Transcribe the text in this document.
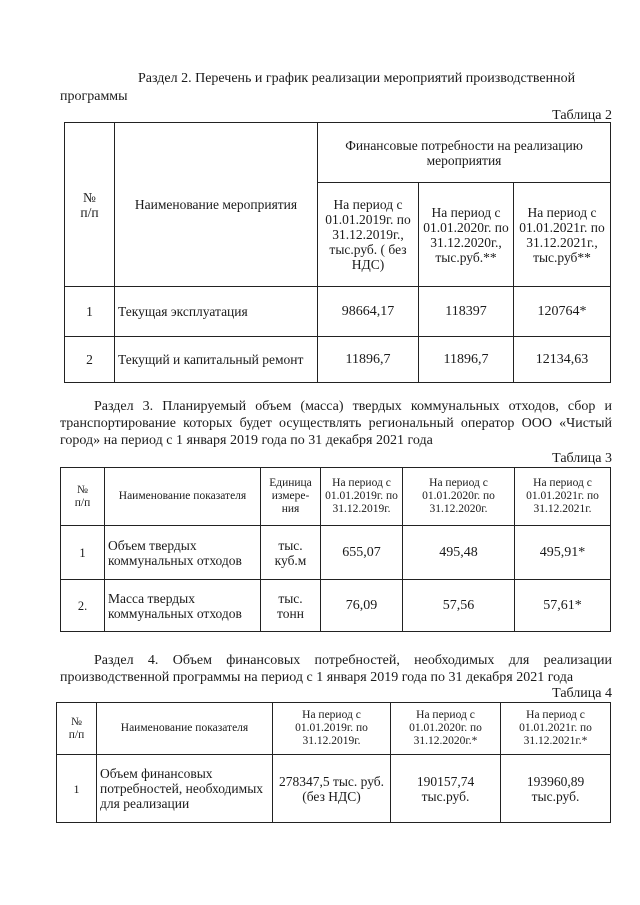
Раздел 2. Перечень и график реализации мероприятий производственной

программы

Таблица 2

№
п/п	Наименование мероприятия	Финансовые потребности на реализацию мероприятия		
		На период с 01.01.2019г. по 31.12.2019г., тыс.руб. ( без НДС)	На период с 01.01.2020г. по 31.12.2020г., тыс.руб.**	На период с 01.01.2021г. по 31.12.2021г., тыс.руб**
1	Текущая эксплуатация	98664,17	118397	120764*
2	Текущий и капитальный ремонт	11896,7	11896,7	12134,63

Раздел 3. Планируемый объем (масса) твердых коммунальных отходов, сбор и транспортирование которых будет осуществлять региональный оператор ООО «Чистый город» на период с 1 января 2019 года по 31 декабря 2021 года

Таблица 3

№
п/п	Наименование показателя	Единица измере-ния	На период с 01.01.2019г. по 31.12.2019г.	На период с 01.01.2020г. по 31.12.2020г.	На период с 01.01.2021г. по 31.12.2021г.
1	Объем твердых коммунальных отходов	тыс. куб.м	655,07	495,48	495,91*
2.	Масса твердых коммунальных отходов	тыс. тонн	76,09	57,56	57,61*

Раздел 4. Объем финансовых потребностей, необходимых для реализации производственной программы на период с 1 января 2019 года по 31 декабря 2021 года

Таблица 4

№
п/п	Наименование показателя	На период с 01.01.2019г. по 31.12.2019г.	На период с 01.01.2020г. по 31.12.2020г.*	На период с 01.01.2021г. по 31.12.2021г.*
1	Объем финансовых потребностей, необходимых для реализации	278347,5 тыс. руб. (без НДС)	190157,74 тыс.руб.	193960,89 тыс.руб.
